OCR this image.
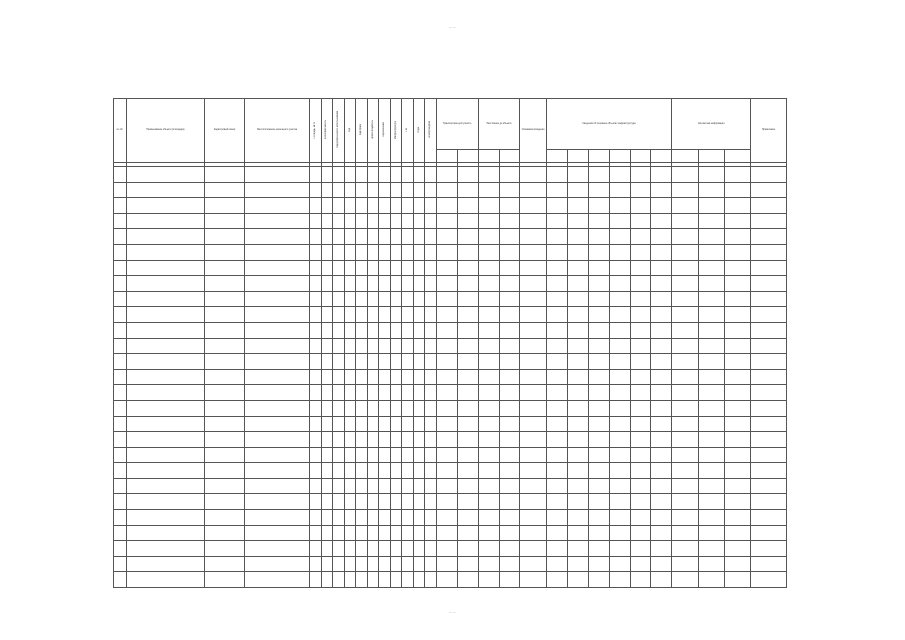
— —
№ п/п	Наименование объекта (площадка)	Кадастровый номер	Местоположение земельного участка	Площадь, кв. м	Категория земель	Вид разрешённого использования	Код	Вид права	Правообладатель	Обременение	Инфраструктура	Газ	Вода	Электроэнергия	Транспортная доступность		Расстояние до объекта		Основания владения	Сведения об основных объектах инфраструктуры						Контактная информация			Примечание

— —
